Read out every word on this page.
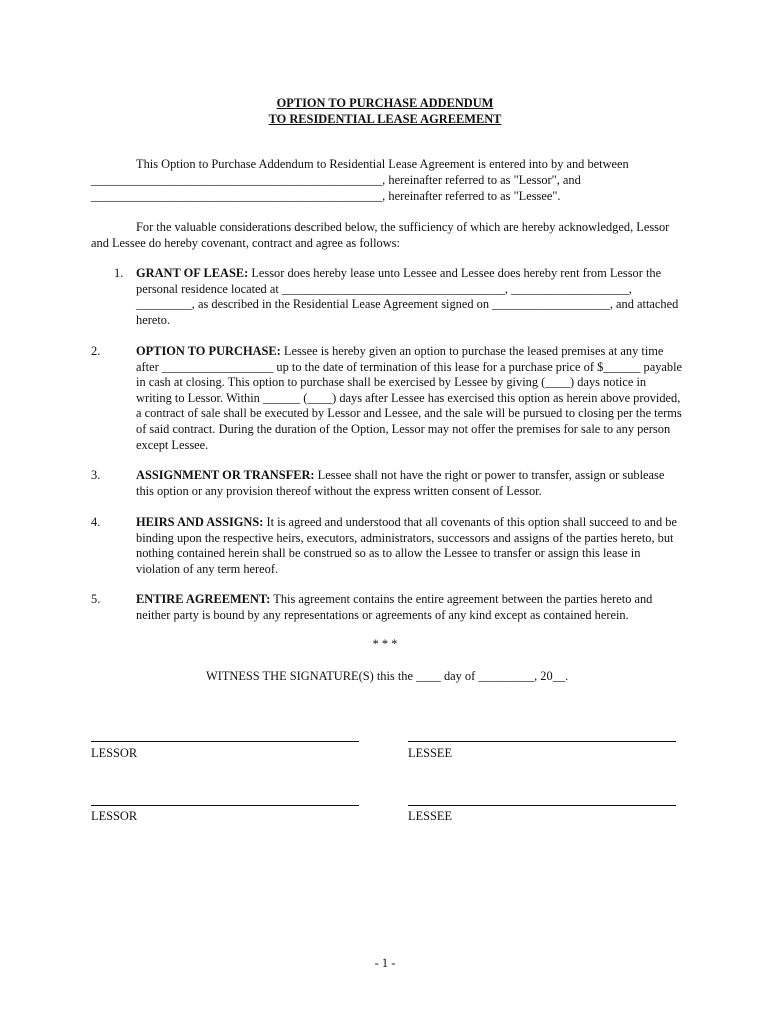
OPTION TO PURCHASE ADDENDUM
TO RESIDENTIAL LEASE AGREEMENT
This Option to Purchase Addendum to Residential Lease Agreement is entered into by and between
_______________________________________________, hereinafter referred to as "Lessor", and
_______________________________________________, hereinafter referred to as "Lessee".
For the valuable considerations described below, the sufficiency of which are hereby acknowledged, Lessor
and Lessee do hereby covenant, contract and agree as follows:
1. GRANT OF LEASE: Lessor does hereby lease unto Lessee and Lessee does hereby rent from Lessor the personal residence located at ____________________________________, ___________________, _________, as described in the Residential Lease Agreement signed on ___________________, and attached hereto.
2.	OPTION TO PURCHASE: Lessee is hereby given an option to purchase the leased premises at any time after __________________ up to the date of termination of this lease for a purchase price of $______ payable in cash at closing. This option to purchase shall be exercised by Lessee by giving (____) days notice in writing to Lessor. Within ______ (____) days after Lessee has exercised this option as herein above provided, a contract of sale shall be executed by Lessor and Lessee, and the sale will be pursued to closing per the terms of said contract. During the duration of the Option, Lessor may not offer the premises for sale to any person except Lessee.
3.	ASSIGNMENT OR TRANSFER: Lessee shall not have the right or power to transfer, assign or sublease this option or any provision thereof without the express written consent of Lessor.
4.	HEIRS AND ASSIGNS: It is agreed and understood that all covenants of this option shall succeed to and be binding upon the respective heirs, executors, administrators, successors and assigns of the parties hereto, but nothing contained herein shall be construed so as to allow the Lessee to transfer or assign this lease in violation of any term hereof.
5.	ENTIRE AGREEMENT: This agreement contains the entire agreement between the parties hereto and neither party is bound by any representations or agreements of any kind except as contained herein.
* * *
WITNESS THE SIGNATURE(S) this the ____ day of _________, 20__.
LESSOR	LESSEE
LESSOR	LESSEE
- 1 -
